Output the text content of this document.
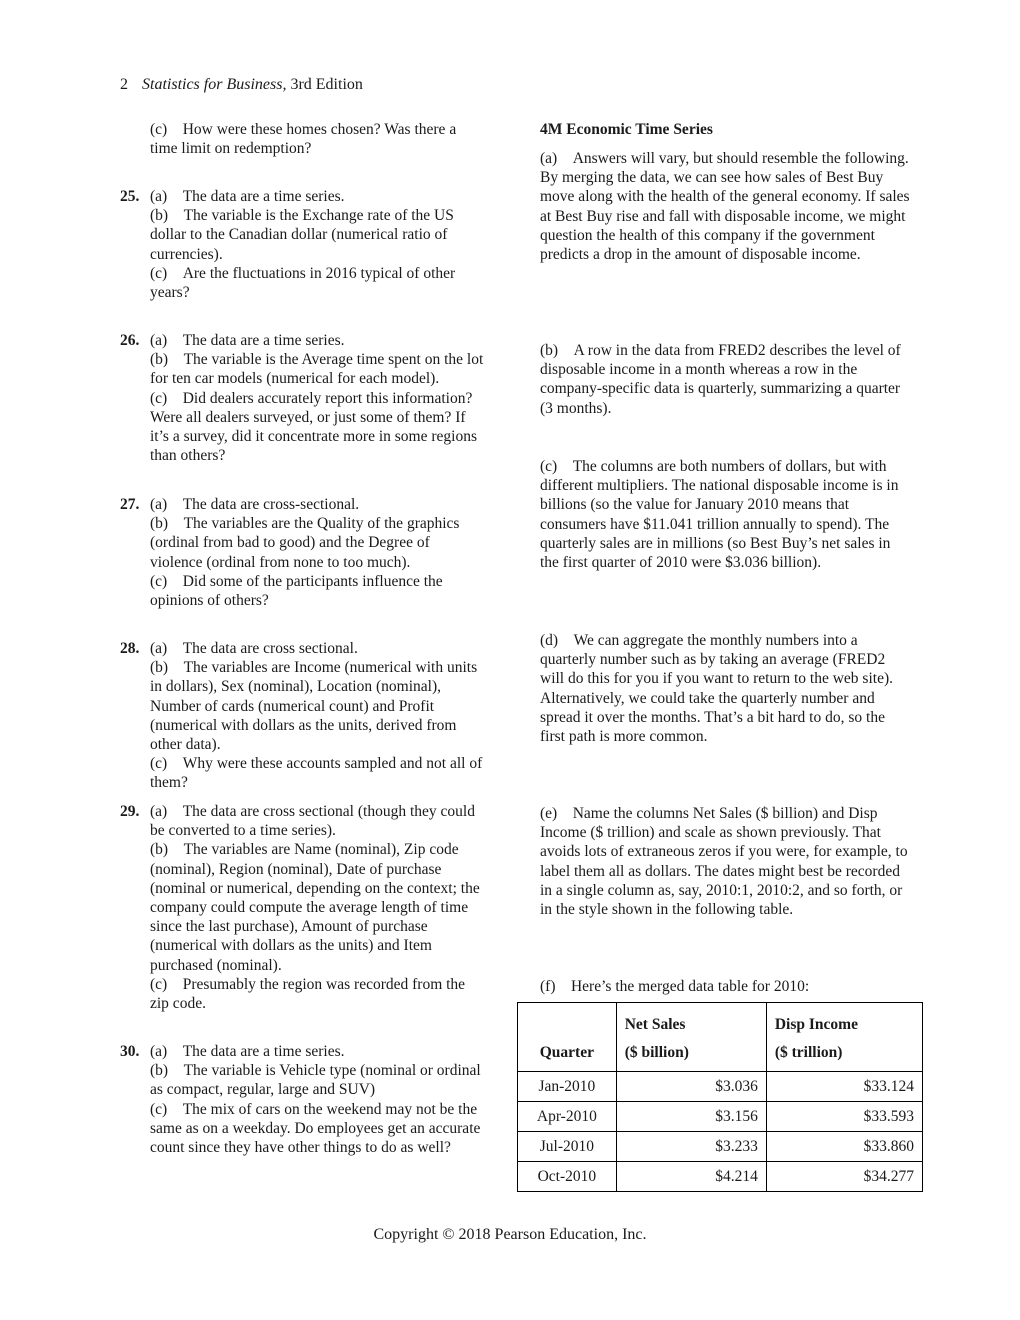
2 Statistics for Business, 3rd Edition
(c) How were these homes chosen? Was there a time limit on redemption?
25. (a) The data are a time series.
(b) The variable is the Exchange rate of the US dollar to the Canadian dollar (numerical ratio of currencies).
(c) Are the fluctuations in 2016 typical of other years?
26. (a) The data are a time series.
(b) The variable is the Average time spent on the lot for ten car models (numerical for each model).
(c) Did dealers accurately report this information? Were all dealers surveyed, or just some of them? If it’s a survey, did it concentrate more in some regions than others?
27. (a) The data are cross-sectional.
(b) The variables are the Quality of the graphics (ordinal from bad to good) and the Degree of violence (ordinal from none to too much).
(c) Did some of the participants influence the opinions of others?
28. (a) The data are cross sectional.
(b) The variables are Income (numerical with units in dollars), Sex (nominal), Location (nominal), Number of cards (numerical count) and Profit (numerical with dollars as the units, derived from other data).
(c) Why were these accounts sampled and not all of them?
29. (a) The data are cross sectional (though they could be converted to a time series).
(b) The variables are Name (nominal), Zip code (nominal), Region (nominal), Date of purchase (nominal or numerical, depending on the context; the company could compute the average length of time since the last purchase), Amount of purchase (numerical with dollars as the units) and Item purchased (nominal).
(c) Presumably the region was recorded from the zip code.
30. (a) The data are a time series.
(b) The variable is Vehicle type (nominal or ordinal as compact, regular, large and SUV)
(c) The mix of cars on the weekend may not be the same as on a weekday. Do employees get an accurate count since they have other things to do as well?
4M Economic Time Series
(a) Answers will vary, but should resemble the following.
By merging the data, we can see how sales of Best Buy move along with the health of the general economy. If sales at Best Buy rise and fall with disposable income, we might question the health of this company if the government predicts a drop in the amount of disposable income.
(b) A row in the data from FRED2 describes the level of disposable income in a month whereas a row in the company-specific data is quarterly, summarizing a quarter (3 months).
(c) The columns are both numbers of dollars, but with different multipliers. The national disposable income is in billions (so the value for January 2010 means that consumers have $11.041 trillion annually to spend). The quarterly sales are in millions (so Best Buy’s net sales in the first quarter of 2010 were $3.036 billion).
(d) We can aggregate the monthly numbers into a quarterly number such as by taking an average (FRED2 will do this for you if you want to return to the web site). Alternatively, we could take the quarterly number and spread it over the months. That’s a bit hard to do, so the first path is more common.
(e) Name the columns Net Sales ($ billion) and Disp Income ($ trillion) and scale as shown previously. That avoids lots of extraneous zeros if you were, for example, to label them all as dollars. The dates might best be recorded in a single column as, say, 2010:1, 2010:2, and so forth, or in the style shown in the following table.
(f) Here’s the merged data table for 2010:
	Net Sales	Disp Income
Quarter	($ billion)	($ trillion)
Jan-2010	$3.036	$33.124
Apr-2010	$3.156	$33.593
Jul-2010	$3.233	$33.860
Oct-2010	$4.214	$34.277
Copyright © 2018 Pearson Education, Inc.
